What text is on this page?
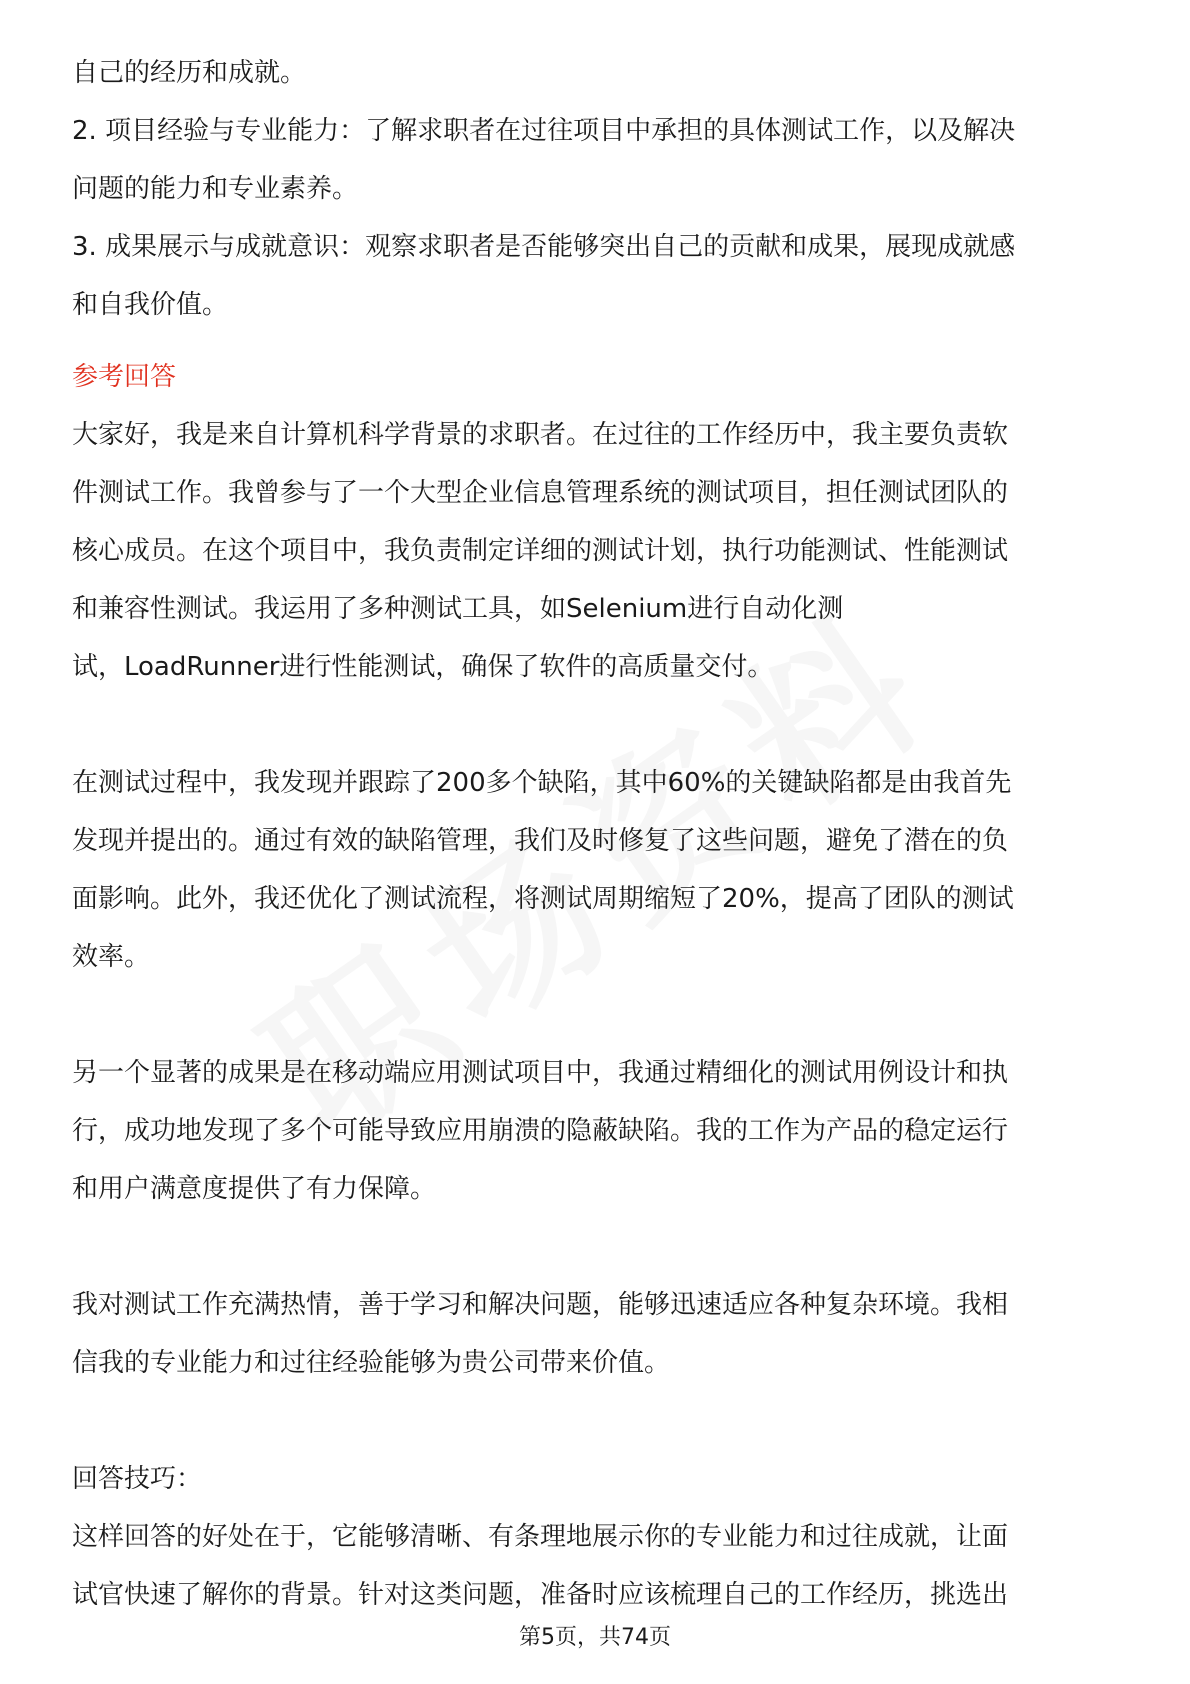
自己的经历和成就。
2. 项目经验与专业能力：了解求职者在过往项目中承担的具体测试工作，以及解决
问题的能力和专业素养。
3. 成果展示与成就意识：观察求职者是否能够突出自己的贡献和成果，展现成就感
和自我价值。
参考回答
大家好，我是来自计算机科学背景的求职者。在过往的工作经历中，我主要负责软
件测试工作。我曾参与了一个大型企业信息管理系统的测试项目，担任测试团队的
核心成员。在这个项目中，我负责制定详细的测试计划，执行功能测试、性能测试
和兼容性测试。我运用了多种测试工具，如Selenium进行自动化测
试，LoadRunner进行性能测试，确保了软件的高质量交付。
在测试过程中，我发现并跟踪了200多个缺陷，其中60%的关键缺陷都是由我首先
发现并提出的。通过有效的缺陷管理，我们及时修复了这些问题，避免了潜在的负
面影响。此外，我还优化了测试流程，将测试周期缩短了20%，提高了团队的测试
效率。
另一个显著的成果是在移动端应用测试项目中，我通过精细化的测试用例设计和执
行，成功地发现了多个可能导致应用崩溃的隐蔽缺陷。我的工作为产品的稳定运行
和用户满意度提供了有力保障。
我对测试工作充满热情，善于学习和解决问题，能够迅速适应各种复杂环境。我相
信我的专业能力和过往经验能够为贵公司带来价值。
回答技巧：
这样回答的好处在于，它能够清晰、有条理地展示你的专业能力和过往成就，让面
试官快速了解你的背景。针对这类问题，准备时应该梳理自己的工作经历，挑选出
第5页，共74页
